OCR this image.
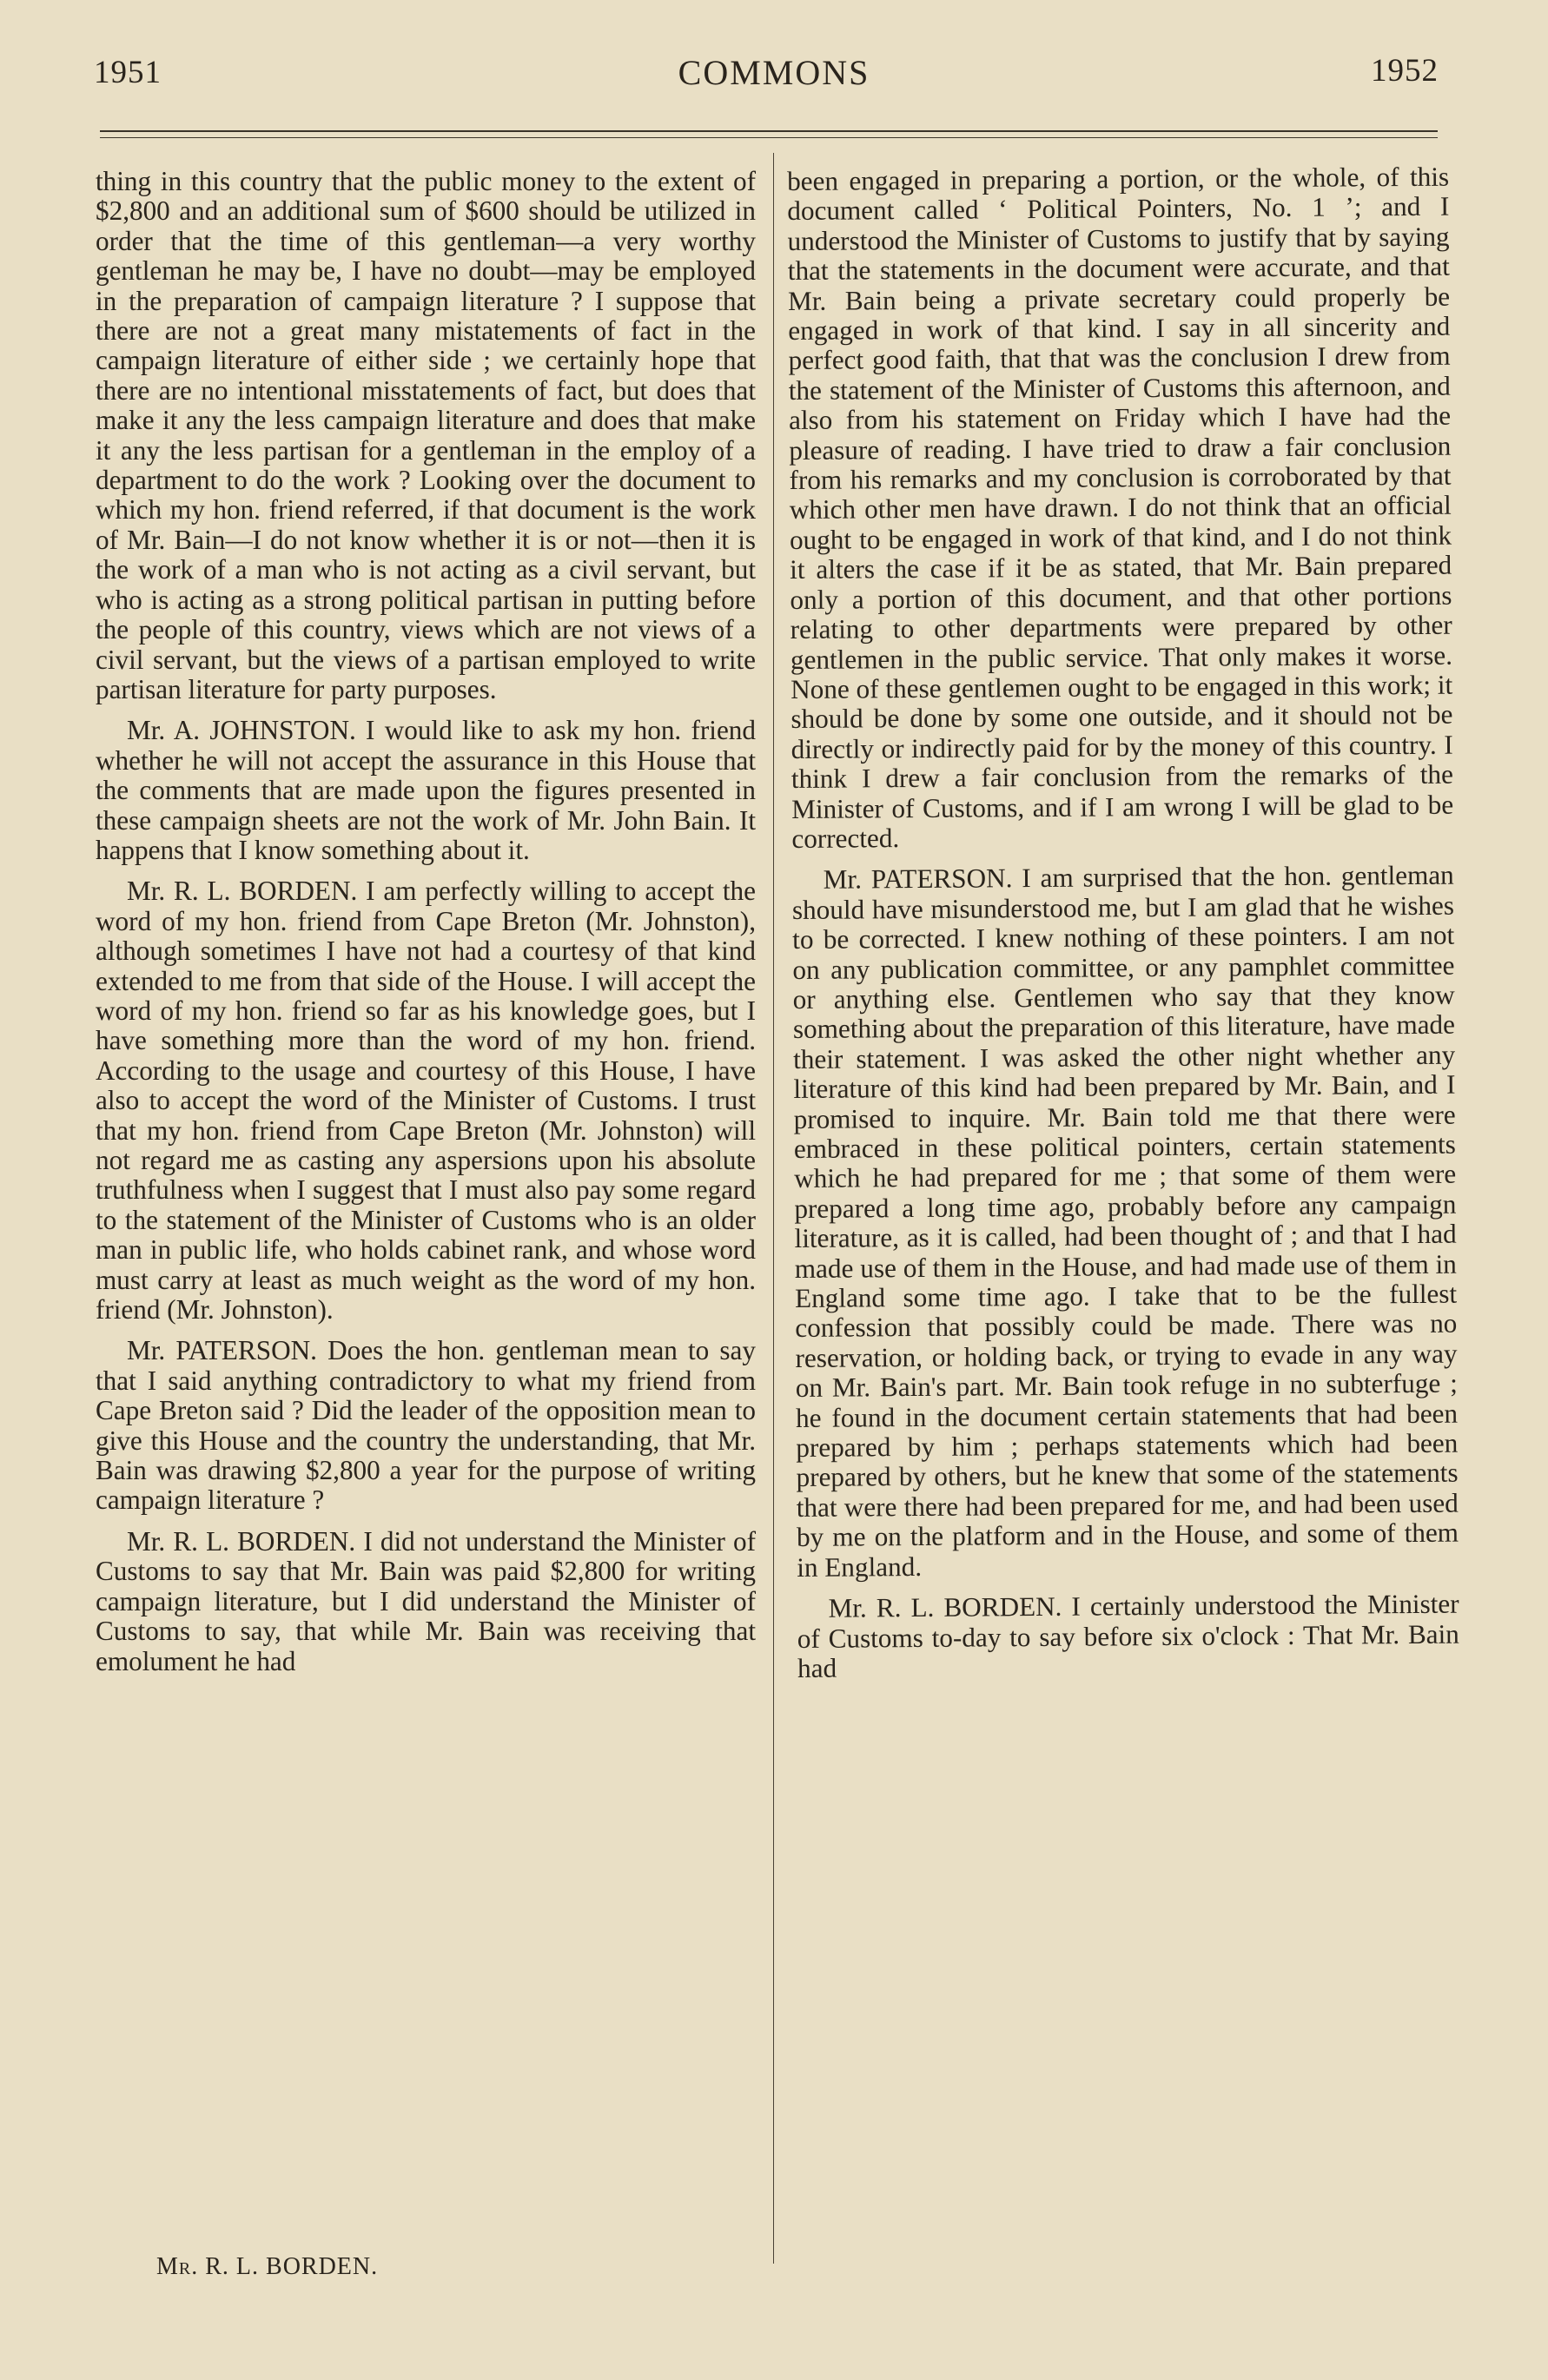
1951	COMMONS	1952

thing in this country that the public money to the extent of $2,800 and an additional sum of $600 should be utilized in order that the time of this gentleman—a very worthy gentleman he may be, I have no doubt—may be employed in the preparation of campaign literature ? I suppose that there are not a great many mistatements of fact in the campaign literature of either side ; we certainly hope that there are no intentional misstatements of fact, but does that make it any the less campaign literature and does that make it any the less partisan for a gentleman in the employ of a department to do the work ? Looking over the document to which my hon. friend referred, if that document is the work of Mr. Bain—I do not know whether it is or not—then it is the work of a man who is not acting as a civil servant, but who is acting as a strong political partisan in putting before the people of this country, views which are not views of a civil servant, but the views of a partisan employed to write partisan literature for party purposes.

Mr. A. JOHNSTON. I would like to ask my hon. friend whether he will not accept the assurance in this House that the comments that are made upon the figures presented in these campaign sheets are not the work of Mr. John Bain. It happens that I know something about it.

Mr. R. L. BORDEN. I am perfectly willing to accept the word of my hon. friend from Cape Breton (Mr. Johnston), although sometimes I have not had a courtesy of that kind extended to me from that side of the House. I will accept the word of my hon. friend so far as his knowledge goes, but I have something more than the word of my hon. friend. According to the usage and courtesy of this House, I have also to accept the word of the Minister of Customs. I trust that my hon. friend from Cape Breton (Mr. Johnston) will not regard me as casting any aspersions upon his absolute truthfulness when I suggest that I must also pay some regard to the statement of the Minister of Customs who is an older man in public life, who holds cabinet rank, and whose word must carry at least as much weight as the word of my hon. friend (Mr. Johnston).

Mr. PATERSON. Does the hon. gentleman mean to say that I said anything contradictory to what my friend from Cape Breton said ? Did the leader of the opposition mean to give this House and the country the understanding, that Mr. Bain was drawing $2,800 a year for the purpose of writing campaign literature ?

Mr. R. L. BORDEN. I did not understand the Minister of Customs to say that Mr. Bain was paid $2,800 for writing campaign literature, but I did understand the Minister of Customs to say, that while Mr. Bain was receiving that emolument he had

been engaged in preparing a portion, or the whole, of this document called ‘ Political Pointers, No. 1 ’; and I understood the Minister of Customs to justify that by saying that the statements in the document were accurate, and that Mr. Bain being a private secretary could properly be engaged in work of that kind. I say in all sincerity and perfect good faith, that that was the conclusion I drew from the statement of the Minister of Customs this afternoon, and also from his statement on Friday which I have had the pleasure of reading. I have tried to draw a fair conclusion from his remarks and my conclusion is corroborated by that which other men have drawn. I do not think that an official ought to be engaged in work of that kind, and I do not think it alters the case if it be as stated, that Mr. Bain prepared only a portion of this document, and that other portions relating to other departments were prepared by other gentlemen in the public service. That only makes it worse. None of these gentlemen ought to be engaged in this work; it should be done by some one outside, and it should not be directly or indirectly paid for by the money of this country. I think I drew a fair conclusion from the remarks of the Minister of Customs, and if I am wrong I will be glad to be corrected.

Mr. PATERSON. I am surprised that the hon. gentleman should have misunderstood me, but I am glad that he wishes to be corrected. I knew nothing of these pointers. I am not on any publication committee, or any pamphlet committee or anything else. Gentlemen who say that they know something about the preparation of this literature, have made their statement. I was asked the other night whether any literature of this kind had been prepared by Mr. Bain, and I promised to inquire. Mr. Bain told me that there were embraced in these political pointers, certain statements which he had prepared for me ; that some of them were prepared a long time ago, probably before any campaign literature, as it is called, had been thought of ; and that I had made use of them in the House, and had made use of them in England some time ago. I take that to be the fullest confession that possibly could be made. There was no reservation, or holding back, or trying to evade in any way on Mr. Bain's part. Mr. Bain took refuge in no subterfuge ; he found in the document certain statements that had been prepared by him ; perhaps statements which had been prepared by others, but he knew that some of the statements that were there had been prepared for me, and had been used by me on the platform and in the House, and some of them in England.

Mr. R. L. BORDEN. I certainly understood the Minister of Customs to-day to say before six o'clock : That Mr. Bain had

Mr. R. L. BORDEN.
